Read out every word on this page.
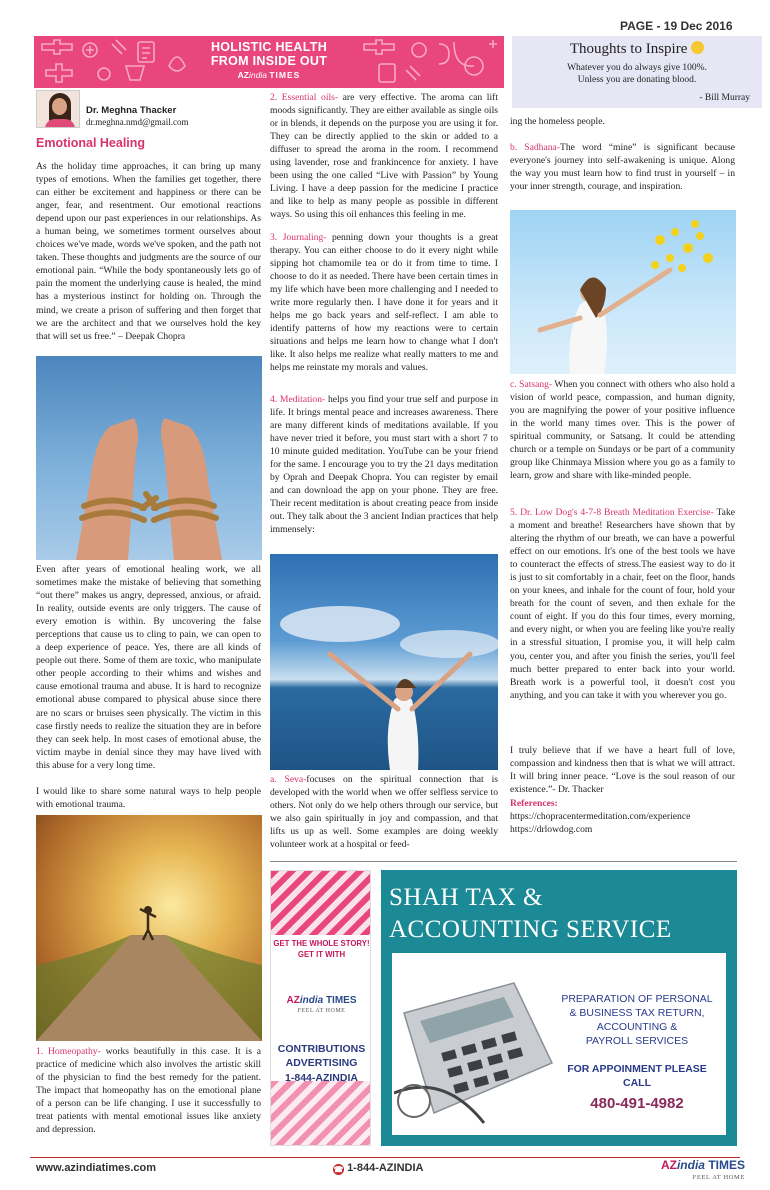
PAGE - 19 Dec 2016
HOLISTIC HEALTH
FROM INSIDE OUT
AZindia TΙMES
Thoughts to Inspire
Whatever you do always give 100%.
Unless you are donating blood.
- Bill Murray
Dr. Meghna Thacker
dr.meghna.nmd@gmail.com
Emotional Healing
As the holiday time approaches, it can bring up many types of emotions. When the families get together, there can either be excitement and happiness or there can be anger, fear, and resentment. Our emotional reactions depend upon our past experiences in our relationships. As a human being, we sometimes torment ourselves about choices we've made, words we've spoken, and the path not taken. These thoughts and judgments are the source of our emotional pain. “While the body spontaneously lets go of pain the moment the underlying cause is healed, the mind has a mysterious instinct for holding on. Through the mind, we create a prison of suffering and then forget that we are the architect and that we ourselves hold the key that will set us free.” – Deepak Chopra
Even after years of emotional healing work, we all sometimes make the mistake of believing that something “out there” makes us angry, depressed, anxious, or afraid. In reality, outside events are only triggers. The cause of every emotion is within. By uncovering the false perceptions that cause us to cling to pain, we can open to a deep experience of peace. Yes, there are all kinds of people out there. Some of them are toxic, who manipulate other people according to their whims and wishes and cause emotional trauma and abuse. It is hard to recognize emotional abuse compared to physical abuse since there are no scars or bruises seen physically. The victim in this case firstly needs to realize the situation they are in before they can seek help. In most cases of emotional abuse, the victim maybe in denial since they may have lived with this abuse for a very long time.
I would like to share some natural ways to help people with emotional trauma.
1. Homeopathy- works beautifully in this case. It is a practice of medicine which also involves the artistic skill of the physician to find the best remedy for the patient. The impact that homeopathy has on the emotional plane of a person can be life changing. I use it successfully to treat patients with mental emotional issues like anxiety and depression.
2. Essential oils- are very effective. The aroma can lift moods significantly. They are either available as single oils or in blends, it depends on the purpose you are using it for. They can be directly applied to the skin or added to a diffuser to spread the aroma in the room. I recommend using lavender, rose and frankincence for anxiety. I have been using the one called “Live with Passion” by Young Living. I have a deep passion for the medicine I practice and like to help as many people as possible in different ways. So using this oil enhances this feeling in me.
3. Journaling- penning down your thoughts is a great therapy. You can either choose to do it every night while sipping hot chamomile tea or do it from time to time. I choose to do it as needed. There have been certain times in my life which have been more challenging and I needed to write more regularly then. I have done it for years and it helps me go back years and self-reflect. I am able to identify patterns of how my reactions were to certain situations and helps me learn how to change what I don't like. It also helps me realize what really matters to me and helps me reinstate my morals and values.
4. Meditation- helps you find your true self and purpose in life. It brings mental peace and increases awareness. There are many different kinds of meditations available. If you have never tried it before, you must start with a short 7 to 10 minute guided meditation. YouTube can be your friend for the same. I encourage you to try the 21 days meditation by Oprah and Deepak Chopra. You can register by email and can download the app on your phone. They are free. Their recent meditation is about creating peace from inside out. They talk about the 3 ancient Indian practices that help immensely:
a. Seva-focuses on the spiritual connection that is developed with the world when we offer selfless service to others. Not only do we help others through our service, but we also gain spiritually in joy and compassion, and that lifts us up as well. Some examples are doing weekly volunteer work at a hospital or feed-
ing the homeless people.
b. Sadhana-The word “mine” is significant because everyone's journey into self-awakening is unique. Along the way you must learn how to find trust in yourself – in your inner strength, courage, and inspiration.
c. Satsang- When you connect with others who also hold a vision of world peace, compassion, and human dignity, you are magnifying the power of your positive influence in the world many times over. This is the power of spiritual community, or Satsang. It could be attending church or a temple on Sundays or be part of a community group like Chinmaya Mission where you go as a family to learn, grow and share with like-minded people.
5. Dr. Low Dog's 4-7-8 Breath Meditation Exercise- Take a moment and breathe! Researchers have shown that by altering the rhythm of our breath, we can have a powerful effect on our emotions. It's one of the best tools we have to counteract the effects of stress.The easiest way to do it is just to sit comfortably in a chair, feet on the floor, hands on your knees, and inhale for the count of four, hold your breath for the count of seven, and then exhale for the count of eight. If you do this four times, every morning, and every night, or when you are feeling like you're really in a stressful situation, I promise you, it will help calm you, center you, and after you finish the series, you'll feel much better prepared to enter back into your world. Breath work is a powerful tool, it doesn't cost you anything, and you can take it with you wherever you go.
I truly believe that if we have a heart full of love, compassion and kindness then that is what we will attract. It will bring inner peace. “Love is the soul reason of our existence.”- Dr. Thacker
References:
https://chopracentermeditation.com/experience
https://drlowdog.com
GET THE WHOLE STORY!
GET IT WITH
AZindia TΙMES
FEEL AT HOME
CONTRIBUTIONS
ADVERTISING
1-844-AZINDIA
SHAH TAX &
ACCOUNTING SERVICE
PREPARATION OF PERSONAL
& BUSINESS TAX RETURN,
ACCOUNTING &
PAYROLL SERVICES
FOR APPOINMENT PLEASE
CALL
480-491-4982
www.azindiatimes.com	☎ 1-844-AZINDIA	AZindia TΙMES
FEEL AT HOME
